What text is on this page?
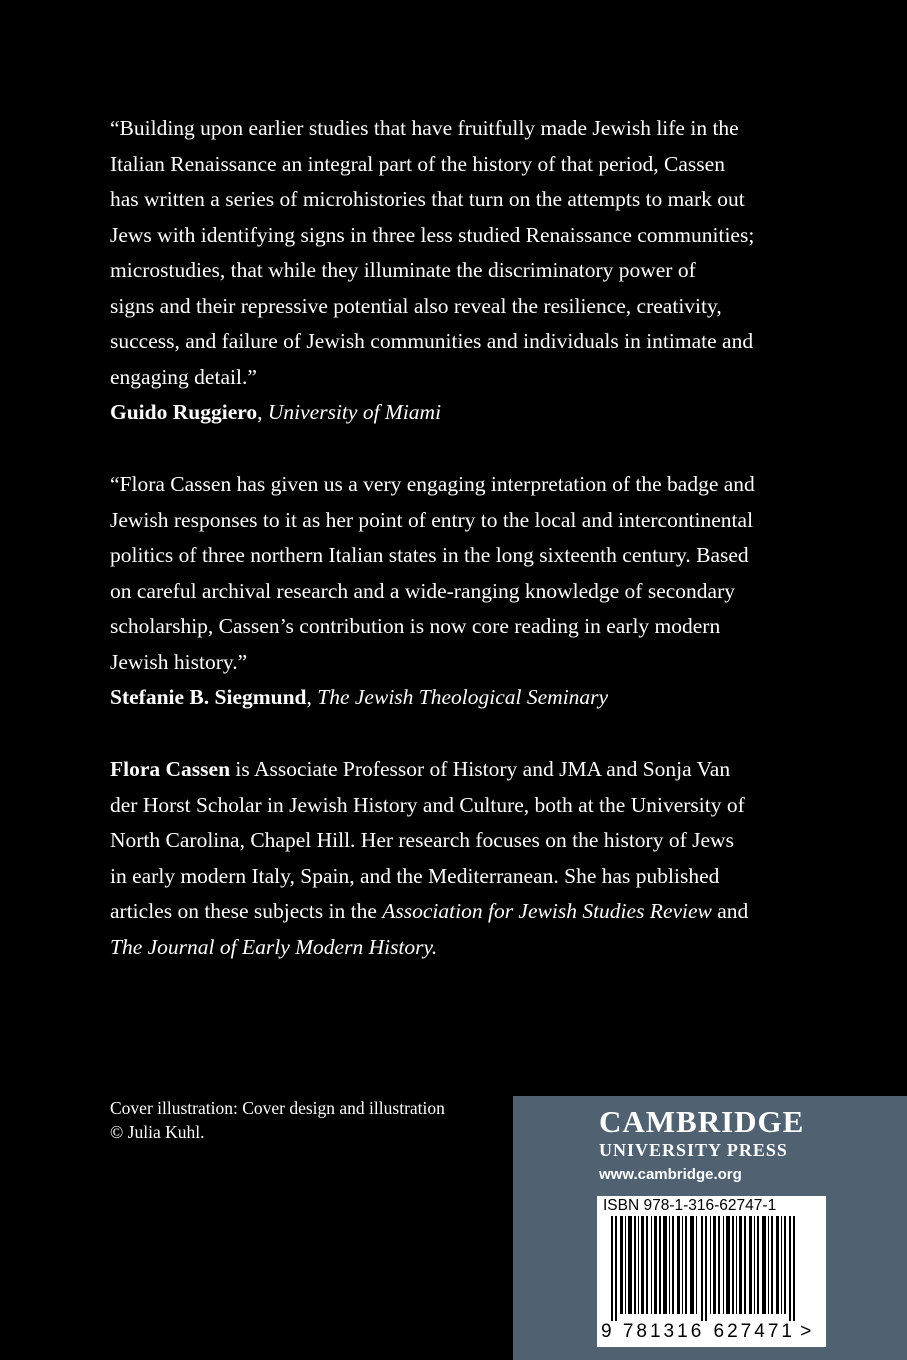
“Building upon earlier studies that have fruitfully made Jewish life in the
Italian Renaissance an integral part of the history of that period, Cassen
has written a series of microhistories that turn on the attempts to mark out
Jews with identifying signs in three less studied Renaissance communities;
microstudies, that while they illuminate the discriminatory power of
signs and their repressive potential also reveal the resilience, creativity,
success, and failure of Jewish communities and individuals in intimate and
engaging detail.”
Guido Ruggiero, University of Miami
“Flora Cassen has given us a very engaging interpretation of the badge and
Jewish responses to it as her point of entry to the local and intercontinental
politics of three northern Italian states in the long sixteenth century. Based
on careful archival research and a wide-ranging knowledge of secondary
scholarship, Cassen’s contribution is now core reading in early modern
Jewish history.”
Stefanie B. Siegmund, The Jewish Theological Seminary
Flora Cassen is Associate Professor of History and JMA and Sonja Van
der Horst Scholar in Jewish History and Culture, both at the University of
North Carolina, Chapel Hill. Her research focuses on the history of Jews
in early modern Italy, Spain, and the Mediterranean. She has published
articles on these subjects in the Association for Jewish Studies Review and
The Journal of Early Modern History.
Cover illustration: Cover design and illustration
© Julia Kuhl.	CAMBRIDGE
UNIVERSITY PRESS
www.cambridge.org
ISBN 978-1-316-62747-1
9 781316 627471 >
